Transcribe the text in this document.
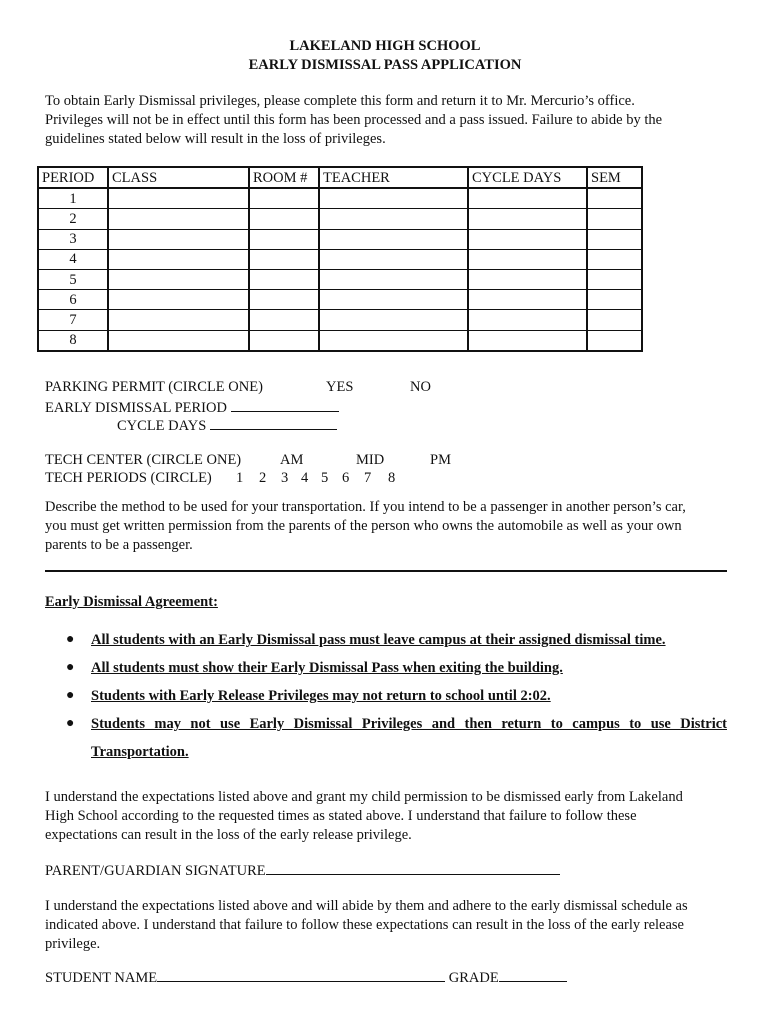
LAKELAND HIGH SCHOOL
EARLY DISMISSAL PASS APPLICATION
To obtain Early Dismissal privileges, please complete this form and return it to Mr. Mercurio’s office.
Privileges will not be in effect until this form has been processed and a pass issued. Failure to abide by the
guidelines stated below will result in the loss of privileges.
PERIOD	CLASS	ROOM #	TEACHER	CYCLE DAYS	SEM
1					
2					
3					
4					
5					
6					
7					
8					
PARKING PERMIT (CIRCLE ONE)	YES	NO
EARLY DISMISSAL PERIOD
CYCLE DAYS
TECH CENTER (CIRCLE ONE)	AM	MID	PM
TECH PERIODS (CIRCLE) 1 2 3 4 5 6 7 8
Describe the method to be used for your transportation. If you intend to be a passenger in another person’s car,
you must get written permission from the parents of the person who owns the automobile as well as your own
parents to be a passenger.
Early Dismissal Agreement:
● All students with an Early Dismissal pass must leave campus at their assigned dismissal time.
● All students must show their Early Dismissal Pass when exiting the building.
● Students with Early Release Privileges may not return to school until 2:02.
● Students may not use Early Dismissal Privileges and then return to campus to use District Transportation.
I understand the expectations listed above and grant my child permission to be dismissed early from Lakeland
High School according to the requested times as stated above. I understand that failure to follow these
expectations can result in the loss of the early release privilege.
PARENT/GUARDIAN SIGNATURE
I understand the expectations listed above and will abide by them and adhere to the early dismissal schedule as
indicated above. I understand that failure to follow these expectations can result in the loss of the early release
privilege.
STUDENT NAME	GRADE
